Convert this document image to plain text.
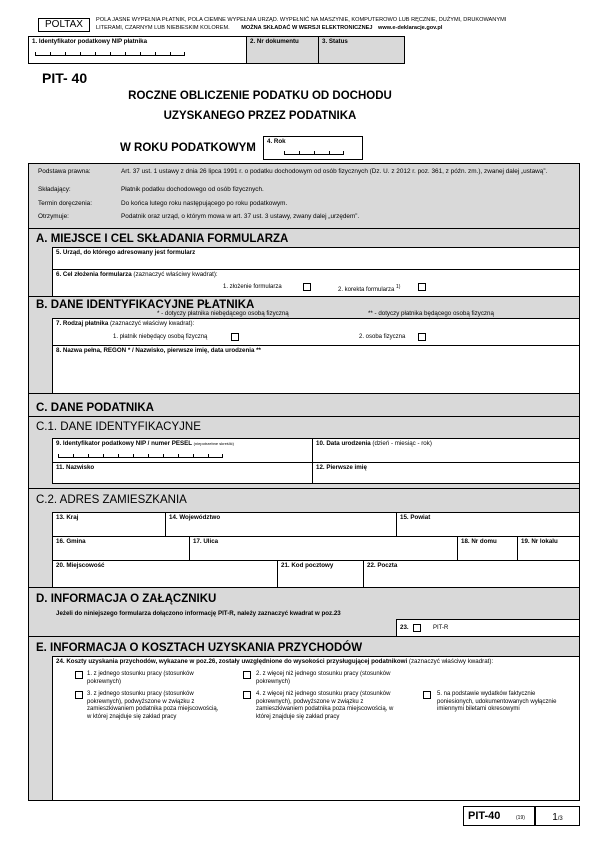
POLTAX	POLA JASNE WYPEŁNIA PŁATNIK, POLA CIEMNE WYPEŁNIA URZĄD. WYPEŁNIĆ NA MASZYNIE, KOMPUTEROWO LUB RĘCZNIE, DUŻYMI, DRUKOWANYMI
LITERAMI, CZARNYM LUB NIEBIESKIM KOLOREM. MOŻNA SKŁADAĆ W WERSJI ELEKTRONICZNEJ www.e-deklaracje.gov.pl
1. Identyfikator podatkowy NIP płatnika	2. Nr dokumentu	3. Status
PIT- 40
ROCZNE OBLICZENIE PODATKU OD DOCHODU
UZYSKANEGO PRZEZ PODATNIKA
W ROKU PODATKOWYM
4. Rok
Podstawa prawna:	Art. 37 ust. 1 ustawy z dnia 26 lipca 1991 r. o podatku dochodowym od osób fizycznych (Dz. U. z 2012 r. poz. 361, z późn. zm.), zwanej dalej „ustawą”.
Składający:	Płatnik podatku dochodowego od osób fizycznych.
Termin doręczenia:	Do końca lutego roku następującego po roku podatkowym.
Otrzymuje:	Podatnik oraz urząd, o którym mowa w art. 37 ust. 3 ustawy, zwany dalej „urzędem”.
A. MIEJSCE I CEL SKŁADANIA FORMULARZA
5. Urząd, do którego adresowany jest formularz
6. Cel złożenia formularza (zaznaczyć właściwy kwadrat):
1. złożenie formularza	2. korekta formularza $^{1)}$
B. DANE IDENTYFIKACYJNE PŁATNIKA
* - dotyczy płatnika niebędącego osobą fizyczną	** - dotyczy płatnika będącego osobą fizyczną
7. Rodzaj płatnika (zaznaczyć właściwy kwadrat):
1. płatnik niebędący osobą fizyczną	2. osoba fizyczna
8. Nazwa pełna, REGON * / Nazwisko, pierwsze imię, data urodzenia **
C. DANE PODATNIKA
C.1. DANE IDENTYFIKACYJNE
9. Identyfikator podatkowy NIP / numer PESEL $^{(niepotrzebne skreślić)}$	10. Data urodzenia (dzień - miesiąc - rok)
11. Nazwisko	12. Pierwsze imię
C.2. ADRES ZAMIESZKANIA
13. Kraj	14. Województwo	15. Powiat
16. Gmina	17. Ulica	18. Nr domu	19. Nr lokalu
20. Miejscowość	21. Kod pocztowy	22. Poczta
D. INFORMACJA O ZAŁĄCZNIKU
Jeżeli do niniejszego formularza dołączono informację PIT-R, należy zaznaczyć kwadrat w poz.23
23.	PIT-R
E. INFORMACJA O KOSZTACH UZYSKANIA PRZYCHODÓW
24. Koszty uzyskania przychodów, wykazane w poz.26, zostały uwzględnione do wysokości przysługującej podatnikowi (zaznaczyć właściwy kwadrat):
1. z jednego stosunku pracy (stosunków pokrewnych)
2. z więcej niż jednego stosunku pracy (stosunków pokrewnych)
3. z jednego stosunku pracy (stosunków pokrewnych), podwyższone w związku z zamieszkiwaniem podatnika poza miejscowością, w której znajduje się zakład pracy
4. z więcej niż jednego stosunku pracy (stosunków pokrewnych), podwyższone w związku z zamieszkiwaniem podatnika poza miejscowością, w której znajduje się zakład pracy
5. na podstawie wydatków faktycznie poniesionych, udokumentowanych wyłącznie imiennymi biletami okresowymi
PIT-40	(19)	1/3
